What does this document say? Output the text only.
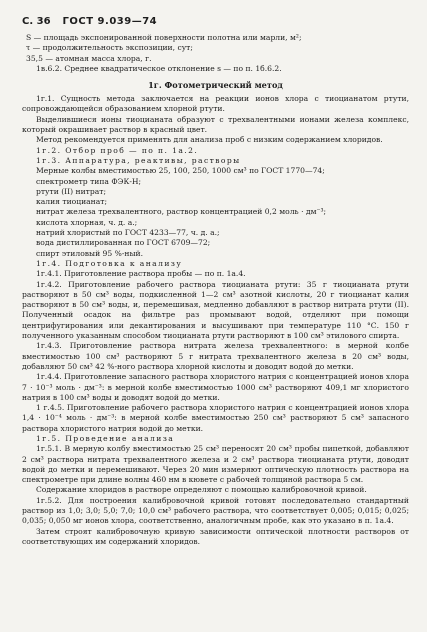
С. 36 ГОСТ 9.039—74

S — площадь экспонированной поверхности полотна или марли, м²;

τ — продолжительность экспозиции, сут;

35,5 — атомная масса хлора, г.

1в.6.2. Среднее квадратическое отклонение s — по п. 1б.6.2.

1г. Фотометрический метод

1г.1. Сущность метода заключается на реакции ионов хлора с тиоцианатом ртути, сопровождающейся образованием хлорной ртути.

Выделившиеся ионы тиоцианата образуют с трехвалентными ионами железа комплекс, который окрашивает раствор в красный цвет.

Метод рекомендуется применять для анализа проб с низким содержанием хлоридов.

1г.2. Отбор проб — по п. 1а.2.

1г.3. Аппаратура, реактивы, растворы

Мерные колбы вместимостью 25, 100, 250, 1000 см³ по ГОСТ 1770—74;

спектрометр типа ФЭК-Н;

ртути (II) нитрат;

калия тиоцианат;

нитрат железа трехвалентного, раствор концентрацией 0,2 моль · дм⁻³;

кислота хлорная, ч. д. а.;

натрий хлористый по ГОСТ 4233—77, ч. д. а.;

вода дистиллированная по ГОСТ 6709—72;

спирт этиловый 95 %-ный.

1г.4. Подготовка к анализу

1г.4.1. Приготовление раствора пробы — по п. 1а.4.

1г.4.2. Приготовление рабочего раствора тиоцианата ртути: 35 г тиоцианата ртути растворяют в 50 см³ воды, подкисленной 1—2 см³ азотной кислоты, 20 г тиоцианат калия растворяют в 50 см³ воды, и, перемешивая, медленно добавляют в раствор нитрата ртути (II). Полученный осадок на фильтре раз промывают водой, отделяют при помощи центрифугирования или декантирования и высушивают при температуре 110 °С. 150 г полученного указанным способом тиоцианата ртути растворяют в 100 см³ этилового спирта.

1г.4.3. Приготовление раствора нитрата железа трехвалентного: в мерной колбе вместимостью 100 см³ растворяют 5 г нитрата трехвалентного железа в 20 см³ воды, добавляют 50 см³ 42 %-ного раствора хлорной кислоты и доводят водой до метки.

1г.4.4. Приготовление запасного раствора хлористого натрия с концентрацией ионов хлора 7 · 10⁻³ моль · дм⁻³: в мерной колбе вместимостью 1000 см³ растворяют 409,1 мг хлористого натрия в 100 см³ воды и доводят водой до метки.

1 г.4.5. Приготовление рабочего раствора хлористого натрия с концентрацией ионов хлора 1,4 · 10⁻⁴ моль · дм⁻³: в мерной колбе вместимостью 250 см³ растворяют 5 см³ запасного раствора хлористого натрия водой до метки.

1г.5. Проведение анализа

1г.5.1. В мерную колбу вместимостью 25 см³ переносят 20 см³ пробы пипеткой, добавляют 2 см³ раствора нитрата трехвалентного железа и 2 см³ раствора тиоцианата ртути, доводят водой до метки и перемешивают. Через 20 мин измеряют оптическую плотность раствора на спектрометре при длине волны 460 нм в кювете с рабочей толщиной раствора 5 см.

Содержание хлоридов в растворе определяют с помощью калибровочной кривой.

1г.5.2. Для построения калибровочной кривой готовят последовательно стандартный раствор из 1,0; 3,0; 5,0; 7,0; 10,0 см³ рабочего раствора, что соответствует 0,005; 0,015; 0,025; 0,035; 0,050 мг ионов хлора, соответственно, аналогичным пробе, как это указано в п. 1а.4.

Затем строят калибровочную кривую зависимости оптической плотности растворов от соответствующих им содержаний хлоридов.
